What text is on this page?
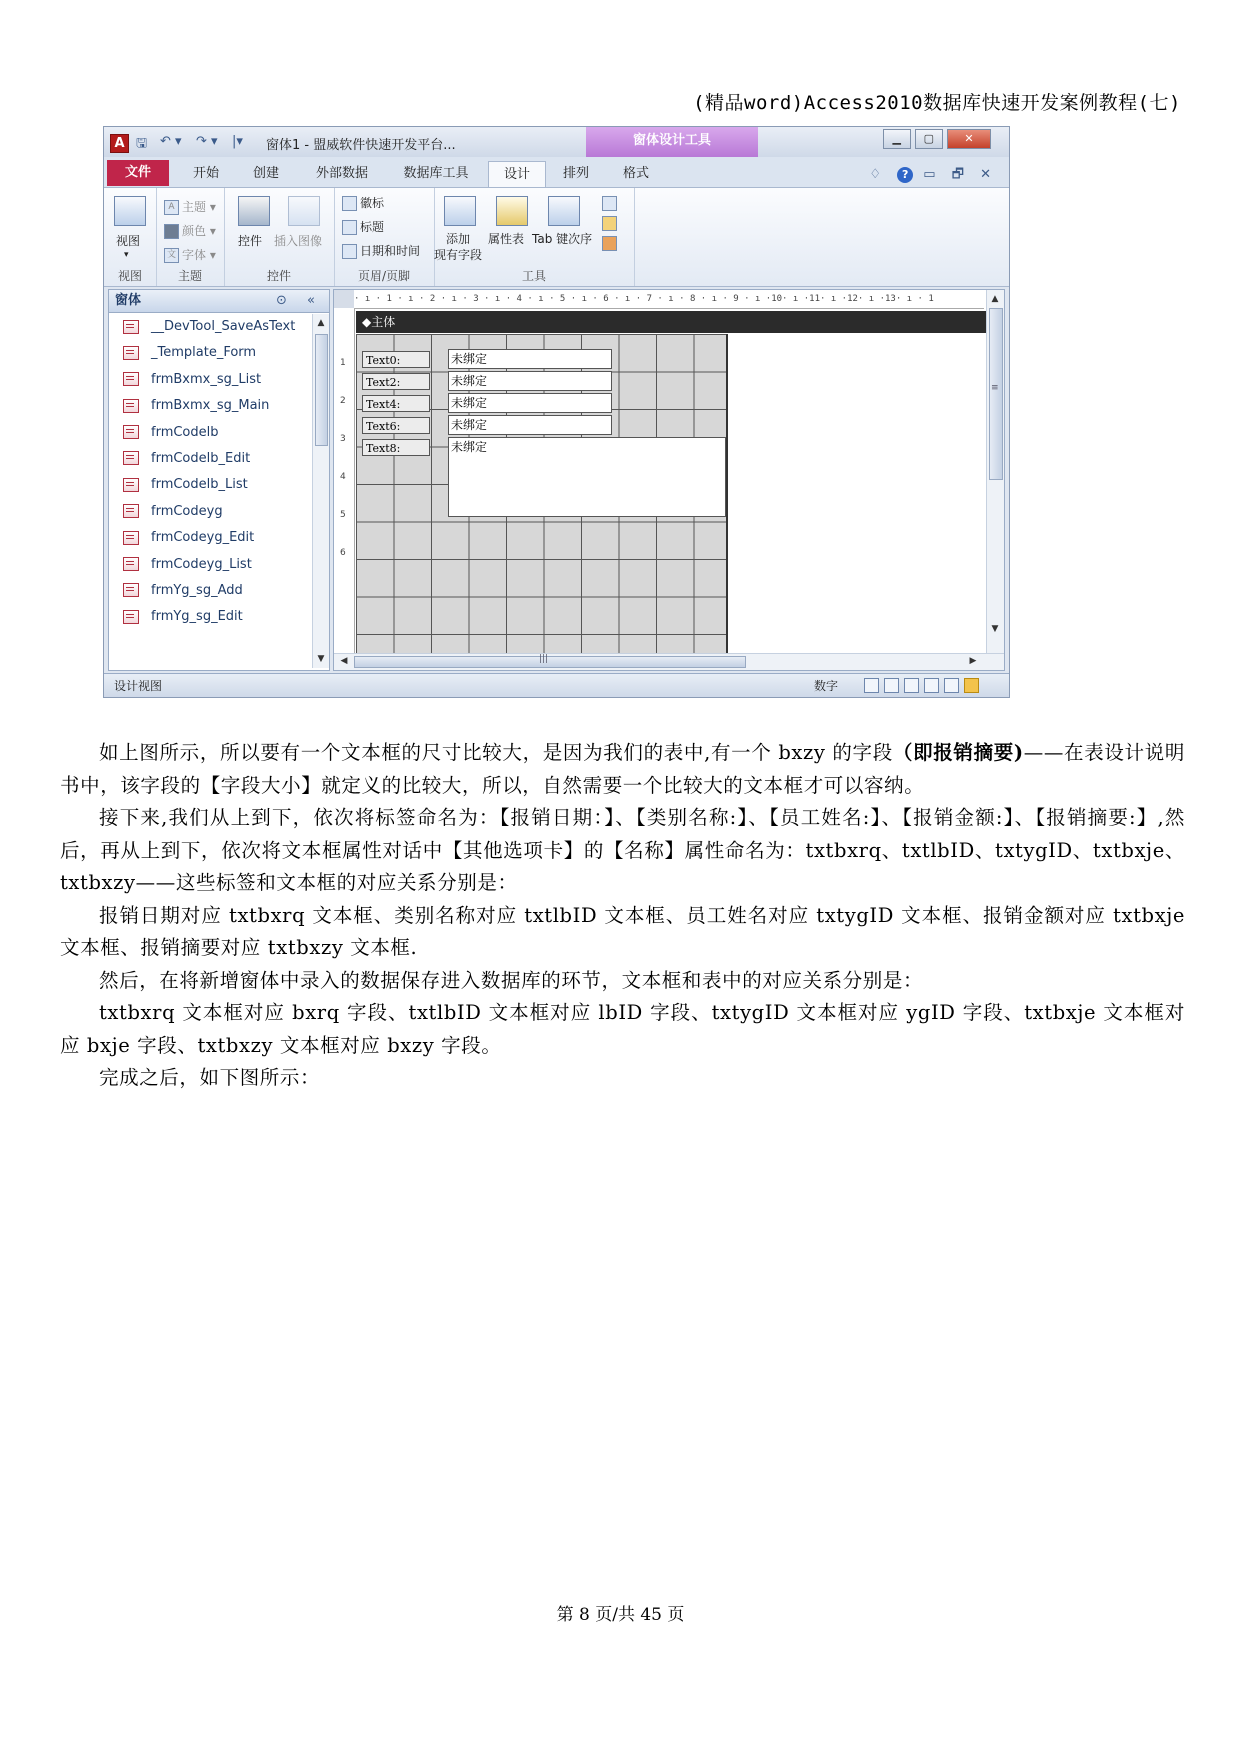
(精品word)Access2010数据库快速开发案例教程(七)
A 🖫 ↶ ▾ ↷ ▾ |▾ 窗体1 - 盟威软件快速开发平台...	窗体设计工具	▁ ▢	✕
文件	开始	创建	外部数据	数据库工具	设计	排列	格式	♢ ? ▭ 🗗 ✕
视图
▾
视图
A 主题 ▾
颜色 ▾
文 字体 ▾
主题
控件 插入图像
控件
徽标
标题
日期和时间
页眉/页脚
添加
现有字段
属性表 Tab 键次序
工具
窗体	⊙ «
__DevTool_SaveAsText
_Template_Form
frmBxmx_sg_List
frmBxmx_sg_Main
frmCodelb
frmCodelb_Edit
frmCodelb_List
frmCodeyg
frmCodeyg_Edit
frmCodeyg_List
frmYg_sg_Add
frmYg_sg_Edit
▲
▼
· ı · 1 · ı · 2 · ı · 3 · ı · 4 · ı · 5 · ı · 6 · ı · 7 · ı · 8 · ı · 9 · ı ·10· ı ·11· ı ·12· ı ·13· ı · 1
1
2
3
4
5
6
◆主体
Text0:	未绑定
Text2:	未绑定
Text4:	未绑定
Text6:	未绑定
Text8:	未绑定
▲
≡
▼
◀	|||	▶
设计视图	数字

如上图所示，所以要有一个文本框的尺寸比较大，是因为我们的表中,有一个 bxzy 的字段（即报销摘要)——在表设计说明书中，该字段的【字段大小】就定义的比较大，所以，自然需要一个比较大的文本框才可以容纳。

接下来,我们从上到下，依次将标签命名为：【报销日期：】、【类别名称:】、【员工姓名:】、【报销金额:】、【报销摘要:】,然后，再从上到下，依次将文本框属性对话中【其他选项卡】的【名称】属性命名为：txtbxrq、txtlbID、txtygID、txtbxje、txtbxzy——这些标签和文本框的对应关系分别是：

报销日期对应 txtbxrq 文本框、类别名称对应 txtlbID 文本框、员工姓名对应 txtygID 文本框、报销金额对应 txtbxje 文本框、报销摘要对应 txtbxzy 文本框.

然后，在将新增窗体中录入的数据保存进入数据库的环节，文本框和表中的对应关系分别是：

txtbxrq 文本框对应 bxrq 字段、txtlbID 文本框对应 lbID 字段、txtygID 文本框对应 ygID 字段、txtbxje 文本框对应 bxje 字段、txtbxzy 文本框对应 bxzy 字段。

完成之后，如下图所示：

第 8 页/共 45 页
